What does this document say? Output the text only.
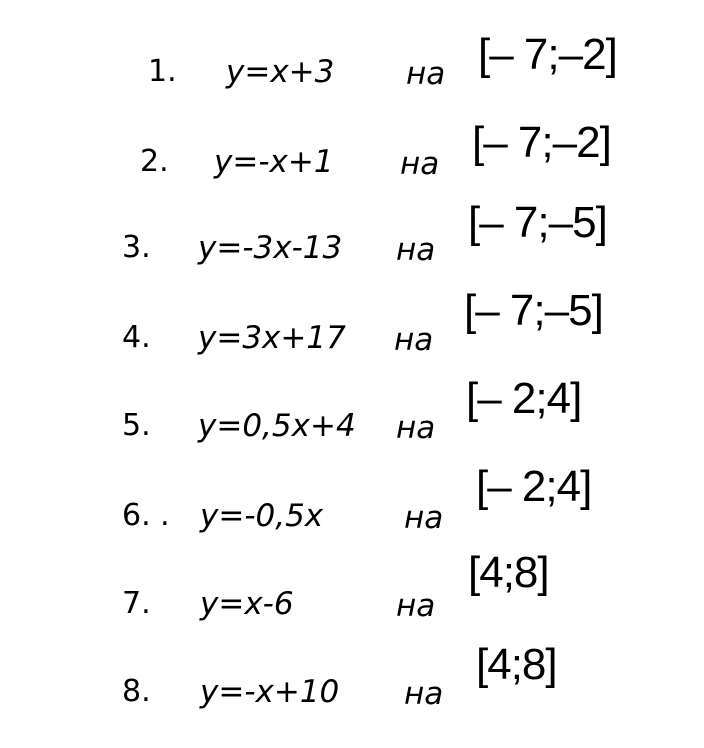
1. y=x+3 на [– 7;–2]
2. y=-x+1 на [– 7;–2]
3. y=-3x-13 на
[– 7;–5]
4. y=3x+17 на
[– 7;–5]
5. y=0,5x+4 на
[– 2;4]
6. . y=-0,5x	на
[– 2;4]
7. y=x-6	на
[4;8]
8. y=-x+10 на
[4;8]
